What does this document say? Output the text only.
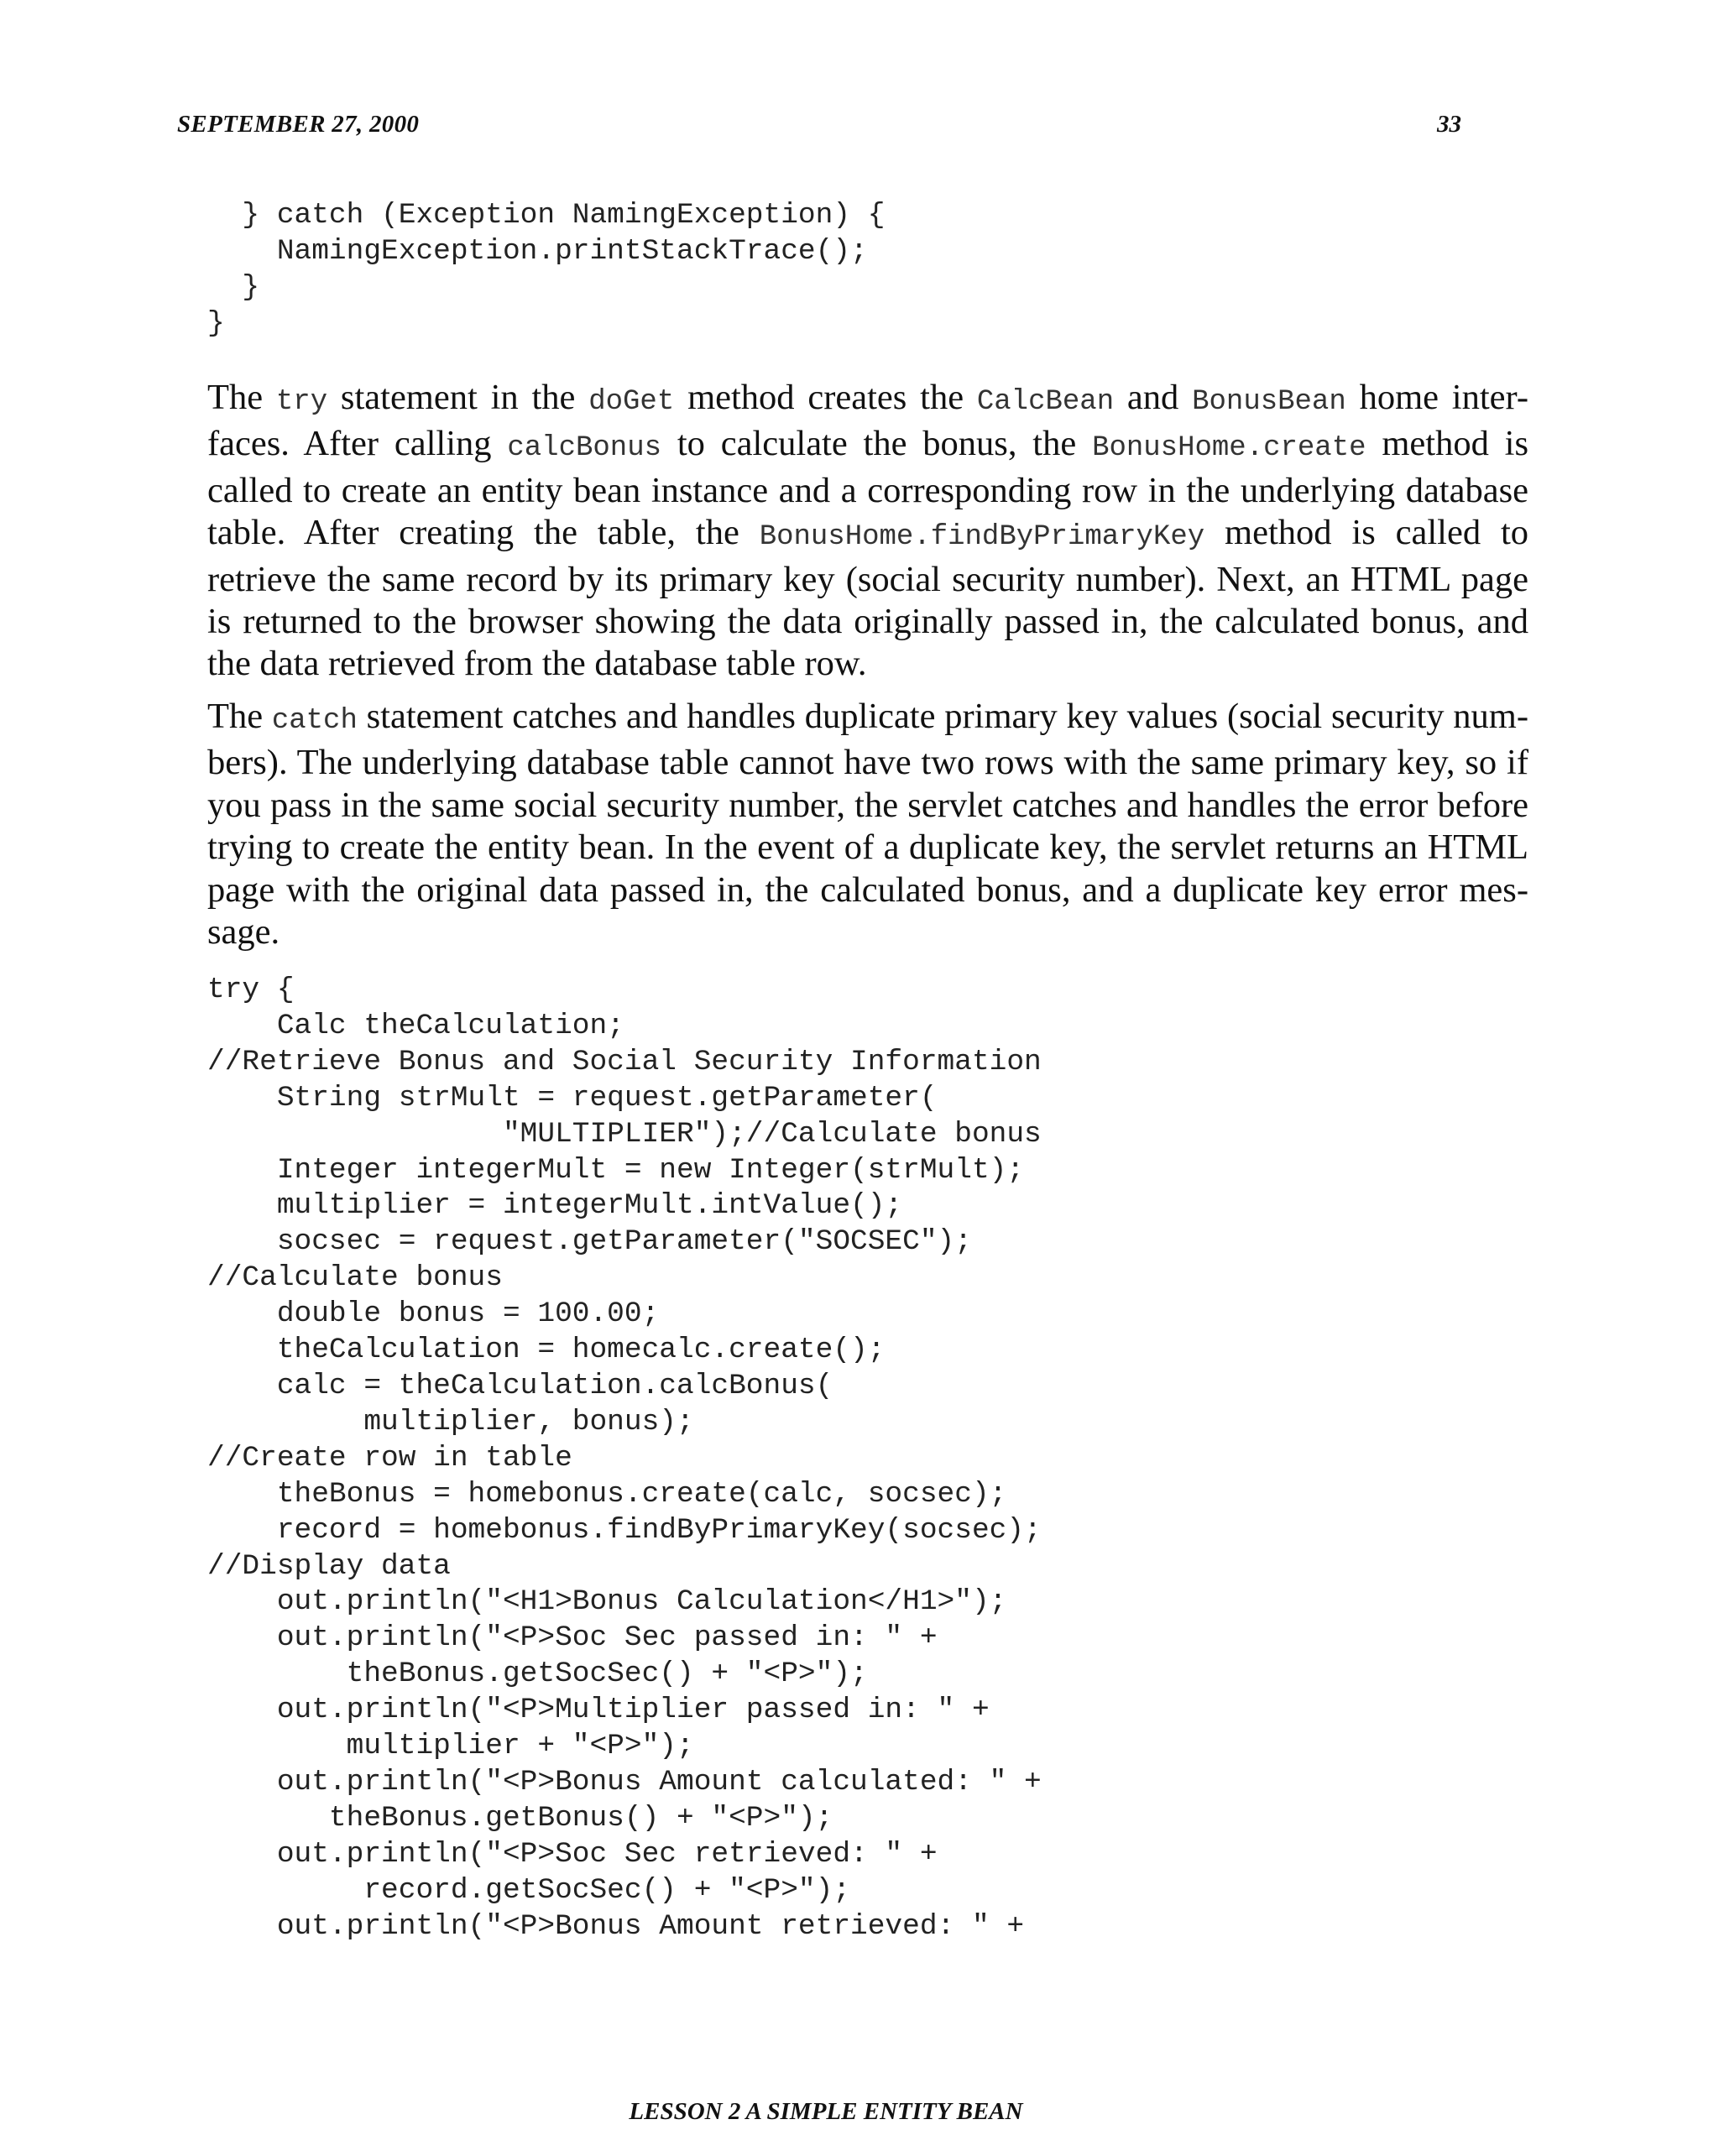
SEPTEMBER 27, 2000	33
} catch (Exception NamingException) {
NamingException.printStackTrace();
}
}

The try statement in the doGet method creates the CalcBean and BonusBean home inter-faces. After calling calcBonus to calculate the bonus, the BonusHome.create method is called to create an entity bean instance and a corresponding row in the underlying database table. After creating the table, the BonusHome.findByPrimaryKey method is called to retrieve the same record by its primary key (social security number). Next, an HTML page is returned to the browser showing the data originally passed in, the calculated bonus, and the data retrieved from the database table row.

The catch statement catches and handles duplicate primary key values (social security num-bers). The underlying database table cannot have two rows with the same primary key, so if you pass in the same social security number, the servlet catches and handles the error before trying to create the entity bean. In the event of a duplicate key, the servlet returns an HTML page with the original data passed in, the calculated bonus, and a duplicate key error mes-sage.

try {
Calc theCalculation;
//Retrieve Bonus and Social Security Information
String strMult = request.getParameter(
"MULTIPLIER");//Calculate bonus
Integer integerMult = new Integer(strMult);
multiplier = integerMult.intValue();
socsec = request.getParameter("SOCSEC");
//Calculate bonus
double bonus = 100.00;
theCalculation = homecalc.create();
calc = theCalculation.calcBonus(
multiplier, bonus);
//Create row in table
theBonus = homebonus.create(calc, socsec);
record = homebonus.findByPrimaryKey(socsec);
//Display data
out.println("<H1>Bonus Calculation</H1>");
out.println("<P>Soc Sec passed in: " +
theBonus.getSocSec() + "<P>");
out.println("<P>Multiplier passed in: " +
multiplier + "<P>");
out.println("<P>Bonus Amount calculated: " +
theBonus.getBonus() + "<P>");
out.println("<P>Soc Sec retrieved: " +
record.getSocSec() + "<P>");
out.println("<P>Bonus Amount retrieved: " +
LESSON 2 A SIMPLE ENTITY BEAN
